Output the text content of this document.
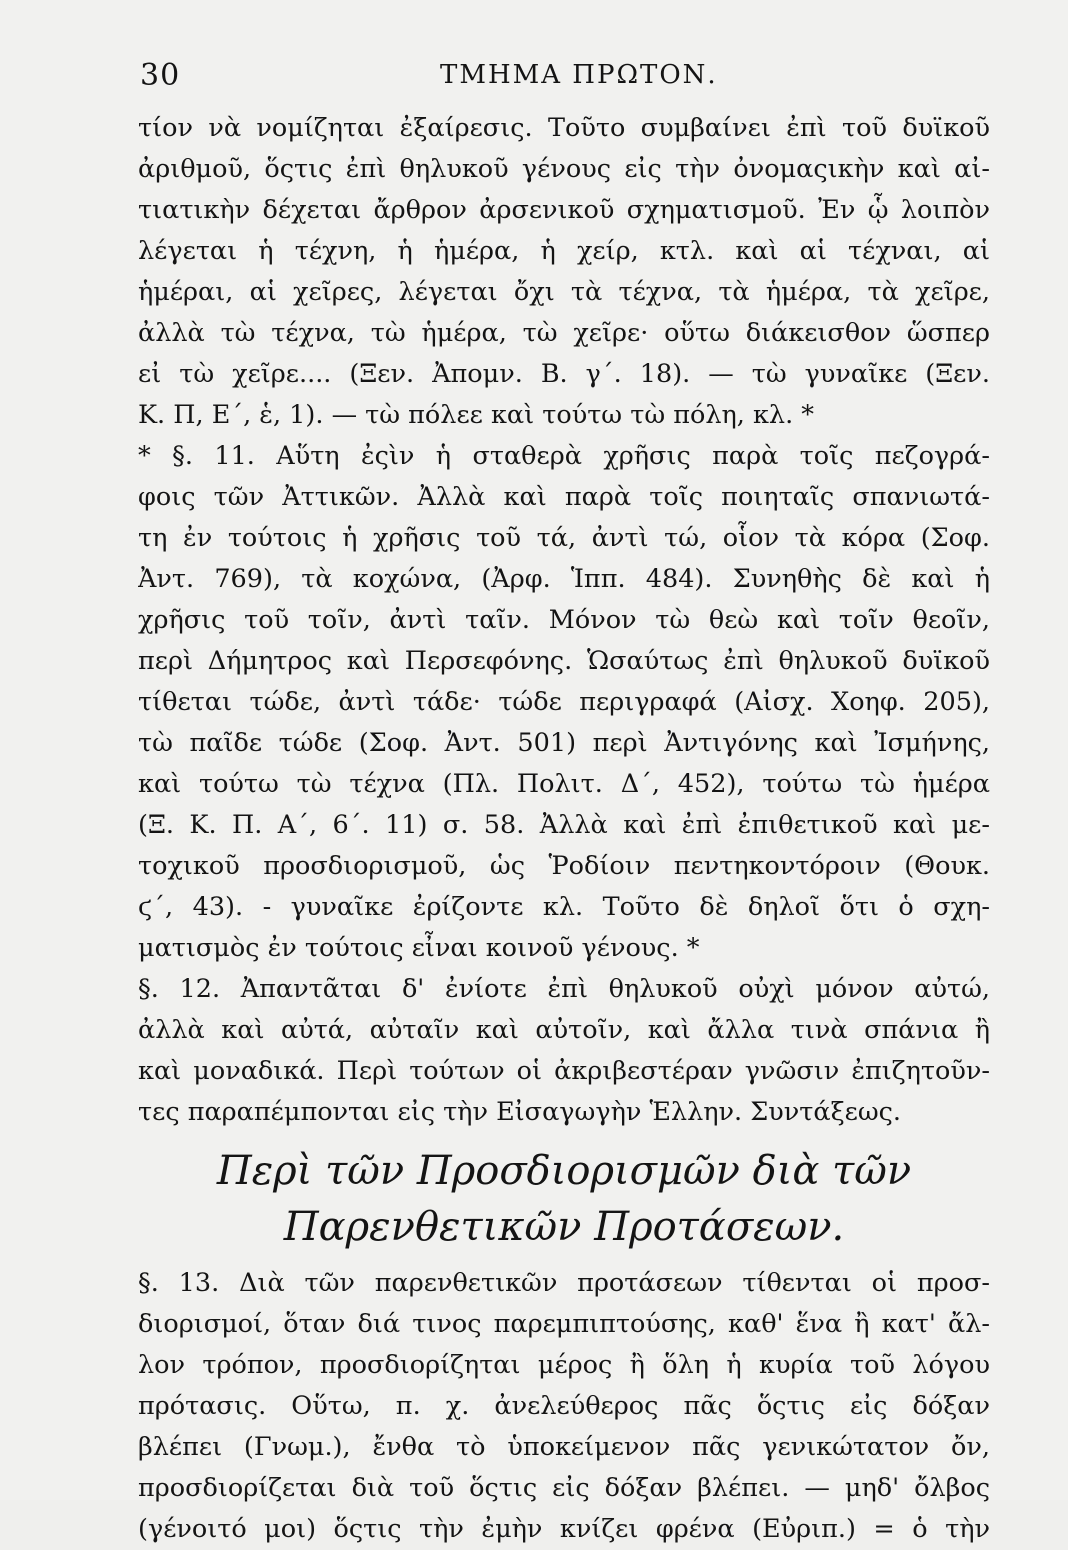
30	ΤΜΗΜΑ ΠΡΩΤΟΝ.
τίον νὰ νομίζηται ἐξαίρεσις. Τοῦτο συμβαίνει ἐπὶ τοῦ δυϊκοῦ
ἀριθμοῦ, ὅςτις ἐπὶ θηλυκοῦ γένους εἰς τὴν ὀνομαςικὴν καὶ αἰ-
τιατικὴν δέχεται ἄρθρον ἀρσενικοῦ σχηματισμοῦ. Ἐν ᾧ λοιπὸν
λέγεται ἡ τέχνη, ἡ ἡμέρα, ἡ χείρ, κτλ. καὶ αἱ τέχναι, αἱ
ἡμέραι, αἱ χεῖρες, λέγεται ὄχι τὰ τέχνα, τὰ ἡμέρα, τὰ χεῖρε,
ἀλλὰ τὼ τέχνα, τὼ ἡμέρα, τὼ χεῖρε· οὕτω διάκεισθον ὥσπερ
εἰ τὼ χεῖρε.... (Ξεν. Ἀπομν. Β. γ΄. 18). — τὼ γυναῖκε (Ξεν.
Κ. Π, Ε΄, ἑ, 1). — τὼ πόλεε καὶ τούτω τὼ πόλη, κλ. *
* §. 11. Αὕτη ἐςὶν ἡ σταθερὰ χρῆσις παρὰ τοῖς πεζογρά-
φοις τῶν Ἀττικῶν. Ἀλλὰ καὶ παρὰ τοῖς ποιηταῖς σπανιωτά-
τη ἐν τούτοις ἡ χρῆσις τοῦ τά, ἀντὶ τώ, οἷον τὰ κόρα (Σοφ.
Ἀντ. 769), τὰ κοχώνα, (Ἀρφ. Ἱππ. 484). Συνηθὴς δὲ καὶ ἡ
χρῆσις τοῦ τοῖν, ἀντὶ ταῖν. Μόνον τὼ θεὼ καὶ τοῖν θεοῖν,
περὶ Δήμητρος καὶ Περσεφόνης. Ὡσαύτως ἐπὶ θηλυκοῦ δυϊκοῦ
τίθεται τώδε, ἀντὶ τάδε· τώδε περιγραφά (Αἰσχ. Χοηφ. 205),
τὼ παῖδε τώδε (Σοφ. Ἀντ. 501) περὶ Ἀντιγόνης καὶ Ἰσμήνης,
καὶ τούτω τὼ τέχνα (Πλ. Πολιτ. Δ΄, 452), τούτω τὼ ἡμέρα
(Ξ. Κ. Π. Α΄, 6΄. 11) σ. 58. Ἀλλὰ καὶ ἐπὶ ἐπιθετικοῦ καὶ με-
τοχικοῦ προσδιορισμοῦ, ὡς Ῥοδίοιν πεντηκοντόροιν (Θουκ.
ϛ΄, 43). - γυναῖκε ἐρίζοντε κλ. Τοῦτο δὲ δηλοῖ ὅτι ὁ σχη-
ματισμὸς ἐν τούτοις εἶναι κοινοῦ γένους. *
§. 12. Ἀπαντᾶται δ' ἐνίοτε ἐπὶ θηλυκοῦ οὐχὶ μόνον αὐτώ,
ἀλλὰ καὶ αὐτά, αὐταῖν καὶ αὐτοῖν, καὶ ἄλλα τινὰ σπάνια ἢ
καὶ μοναδικά. Περὶ τούτων οἱ ἀκριβεστέραν γνῶσιν ἐπιζητοῦν-
τες παραπέμπονται εἰς τὴν Εἰσαγωγὴν Ἑλλην. Συντάξεως.
Περὶ τῶν Προσδιορισμῶν διὰ τῶν
Παρενθετικῶν Προτάσεων.
§. 13. Διὰ τῶν παρενθετικῶν προτάσεων τίθενται οἱ προσ-
διορισμοί, ὅταν διά τινος παρεμπιπτούσης, καθ' ἕνα ἢ κατ' ἄλ-
λον τρόπον, προσδιορίζηται μέρος ἢ ὅλη ἡ κυρία τοῦ λόγου
πρότασις. Οὕτω, π. χ. ἀνελεύθερος πᾶς ὅςτις εἰς δόξαν
βλέπει (Γνωμ.), ἔνθα τὸ ὑποκείμενον πᾶς γενικώτατον ὄν,
προσδιορίζεται διὰ τοῦ ὅςτις εἰς δόξαν βλέπει. — μηδ' ὄλβος
(γένοιτό μοι) ὅςτις τὴν ἐμὴν κνίζει φρένα (Εὐριπ.) = ὁ τὴν
